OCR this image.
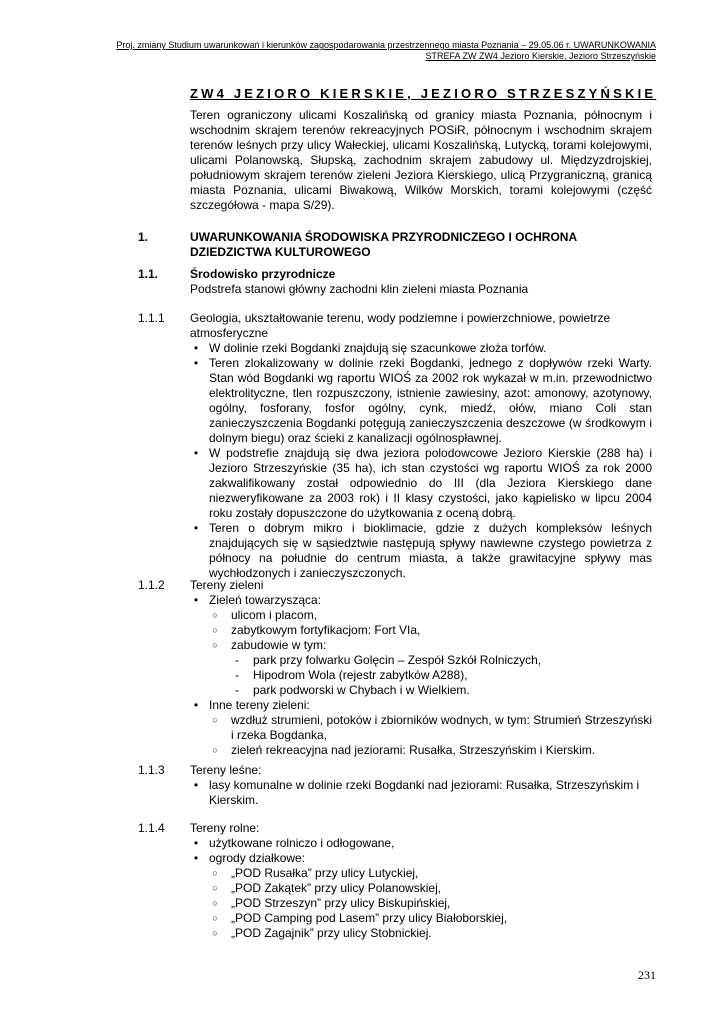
Proj. zmiany Studium uwarunkowań i kierunków zagospodarowania przestrzennego miasta Poznania – 29.05.06 r. UWARUNKOWANIA
STREFA ZW ZW4 Jezioro Kierskie, Jezioro Strzeszyńskie
ZW4 JEZIORO KIERSKIE, JEZIORO STRZESZYŃSKIE
Teren ograniczony ulicami Koszalińską od granicy miasta Poznania, północnym i wschodnim skrajem terenów rekreacyjnych POSiR, północnym i wschodnim skrajem terenów leśnych przy ulicy Wałeckiej, ulicami Koszalińską, Lutycką, torami kolejowymi, ulicami Polanowską, Słupską, zachodnim skrajem zabudowy ul. Międzyzdrojskiej, południowym skrajem terenów zieleni Jeziora Kierskiego, ulicą Przygraniczną, granicą miasta Poznania, ulicami Biwakową, Wilków Morskich, torami kolejowymi (część szczegółowa - mapa S/29).
1.	UWARUNKOWANIA ŚRODOWISKA PRZYRODNICZEGO I OCHRONA DZIEDZICTWA KULTUROWEGO
1.1.	Środowisko przyrodnicze
Podstrefa stanowi główny zachodni klin zieleni miasta Poznania
1.1.1 Geologia, ukształtowanie terenu, wody podziemne i powierzchniowe, powietrze atmosferyczne
• W dolinie rzeki Bogdanki znajdują się szacunkowe złoża torfów.
• Teren zlokalizowany w dolinie rzeki Bogdanki, jednego z dopływów rzeki Warty. Stan wód Bogdanki wg raportu WIOŚ za 2002 rok wykazał w m.in. przewodnictwo elektrolityczne, tlen rozpuszczony, istnienie zawiesiny, azot: amonowy, azotynowy, ogólny, fosforany, fosfor ogólny, cynk, miedź, ołów, miano Coli stan zanieczyszczenia Bogdanki potęgują zanieczyszczenia deszczowe (w środkowym i dolnym biegu) oraz ścieki z kanalizacji ogólnospławnej.
• W podstrefie znajdują się dwa jeziora polodowcowe Jezioro Kierskie (288 ha) i Jezioro Strzeszyńskie (35 ha), ich stan czystości wg raportu WIOŚ za rok 2000 zakwalifikowany został odpowiednio do III (dla Jeziora Kierskiego dane niezweryfikowane za 2003 rok) i II klasy czystości, jako kąpielisko w lipcu 2004 roku zostały dopuszczone do użytkowania z oceną dobrą.
• Teren o dobrym mikro i bioklimacie, gdzie z dużych kompleksów leśnych znajdujących się w sąsiedztwie następują spływy nawiewne czystego powietrza z północy na południe do centrum miasta, a także grawitacyjne spływy mas wychłodzonych i zanieczyszczonych.
1.1.2 Tereny zieleni
• Zieleń towarzysząca:
○ ulicom i placom,
○ zabytkowym fortyfikacjom: Fort VIa,
○ zabudowie w tym:
- park przy folwarku Golęcin – Zespół Szkół Rolniczych,
- Hipodrom Wola (rejestr zabytków A288),
- park podworski w Chybach i w Wielkiem.
• Inne tereny zieleni:
○ wzdłuż strumieni, potoków i zbiorników wodnych, w tym: Strumień Strzeszyński i rzeka Bogdanka,
○ zieleń rekreacyjna nad jeziorami: Rusałka, Strzeszyńskim i Kierskim.
1.1.3 Tereny leśne:
• lasy komunalne w dolinie rzeki Bogdanki nad jeziorami: Rusałka, Strzeszyńskim i Kierskim.
1.1.4 Tereny rolne:
• użytkowane rolniczo i odłogowane,
• ogrody działkowe:
○ „POD Rusałka” przy ulicy Lutyckiej,
○ „POD Zakątek” przy ulicy Polanowskiej,
○ „POD Strzeszyn” przy ulicy Biskupińskiej,
○ „POD Camping pod Lasem” przy ulicy Białoborskiej,
○ „POD Zagajnik” przy ulicy Stobnickiej.
231
